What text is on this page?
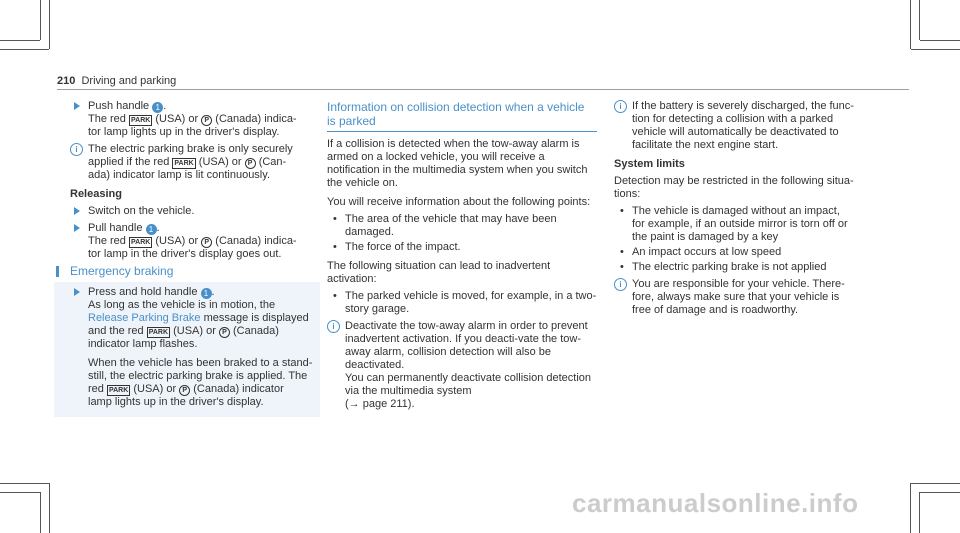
210 Driving and parking

Push handle 1 .

The red PARK (USA) or P (Canada) indica-

tor lamp lights up in the driver's display.

i The electric parking brake is only securely

applied if the red PARK (USA) or P (Can-

ada) indicator lamp is lit continuously.

Releasing

Switch on the vehicle.

Pull handle 1 .

The red PARK (USA) or P (Canada) indica-

tor lamp in the driver's display goes out.

Emergency braking

Press and hold handle 1 .

As long as the vehicle is in motion, the

Release Parking Brake message is displayed

and the red PARK (USA) or P (Canada)

indicator lamp flashes.

When the vehicle has been braked to a stand-still, the electric parking brake is applied. The

red PARK (USA) or P (Canada) indicator

lamp lights up in the driver's display.

Information on collision detection when a vehicle
is parked

If a collision is detected when the tow-away alarm is armed on a locked vehicle, you will receive a notification in the multimedia system when you switch the vehicle on.

You will receive information about the following points:

• The area of the vehicle that may have been damaged.
• The force of the impact.

The following situation can lead to inadvertent activation:

• The parked vehicle is moved, for example, in a two-story garage.
i Deactivate the tow-away alarm in order to prevent inadvertent activation. If you deacti-vate the tow-away alarm, collision detection will also be deactivated.

You can permanently deactivate collision detection via the multimedia system

(→ page 211).

i If the battery is severely discharged, the func-tion for detecting a collision with a parked vehicle will automatically be deactivated to facilitate the next engine start.

System limits

Detection may be restricted in the following situa-tions:

• The vehicle is damaged without an impact, for example, if an outside mirror is torn off or the paint is damaged by a key
• An impact occurs at low speed
• The electric parking brake is not applied
i You are responsible for your vehicle. There-fore, always make sure that your vehicle is free of damage and is roadworthy.

carmanualsonline.info
